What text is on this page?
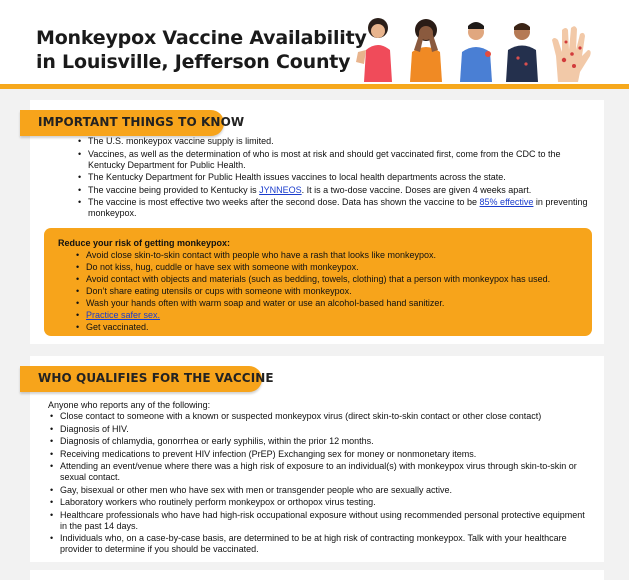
Monkeypox Vaccine Availability
in Louisville, Jefferson County
IMPORTANT THINGS TO KNOW
• The U.S. monkeypox vaccine supply is limited.
• Vaccines, as well as the determination of who is most at risk and should get vaccinated first, come from the CDC to the Kentucky Department for Public Health.
• The Kentucky Department for Public Health issues vaccines to local health departments across the state.
• The vaccine being provided to Kentucky is JYNNEOS. It is a two-dose vaccine. Doses are given 4 weeks apart.
• The vaccine is most effective two weeks after the second dose. Data has shown the vaccine to be 85% effective in preventing monkeypox.
Reduce your risk of getting monkeypox:
• Avoid close skin-to-skin contact with people who have a rash that looks like monkeypox.
• Do not kiss, hug, cuddle or have sex with someone with monkeypox.
• Avoid contact with objects and materials (such as bedding, towels, clothing) that a person with monkeypox has used.
• Don’t share eating utensils or cups with someone with monkeypox.
• Wash your hands often with warm soap and water or use an alcohol-based hand sanitizer.
• Practice safer sex.
• Get vaccinated.
WHO QUALIFIES FOR THE VACCINE
Anyone who reports any of the following:
• Close contact to someone with a known or suspected monkeypox virus (direct skin-to-skin contact or other close contact)
• Diagnosis of HIV.
• Diagnosis of chlamydia, gonorrhea or early syphilis, within the prior 12 months.
• Receiving medications to prevent HIV infection (PrEP) Exchanging sex for money or nonmonetary items.
• Attending an event/venue where there was a high risk of exposure to an individual(s) with monkeypox virus through skin-to-skin or sexual contact.
• Gay, bisexual or other men who have sex with men or transgender people who are sexually active.
• Laboratory workers who routinely perform monkeypox or orthopox virus testing.
• Healthcare professionals who have had high-risk occupational exposure without using recommended personal protective equipment in the past 14 days.
• Individuals who, on a case-by-case basis, are determined to be at high risk of contracting monkeypox. Talk with your healthcare provider to determine if you should be vaccinated.
